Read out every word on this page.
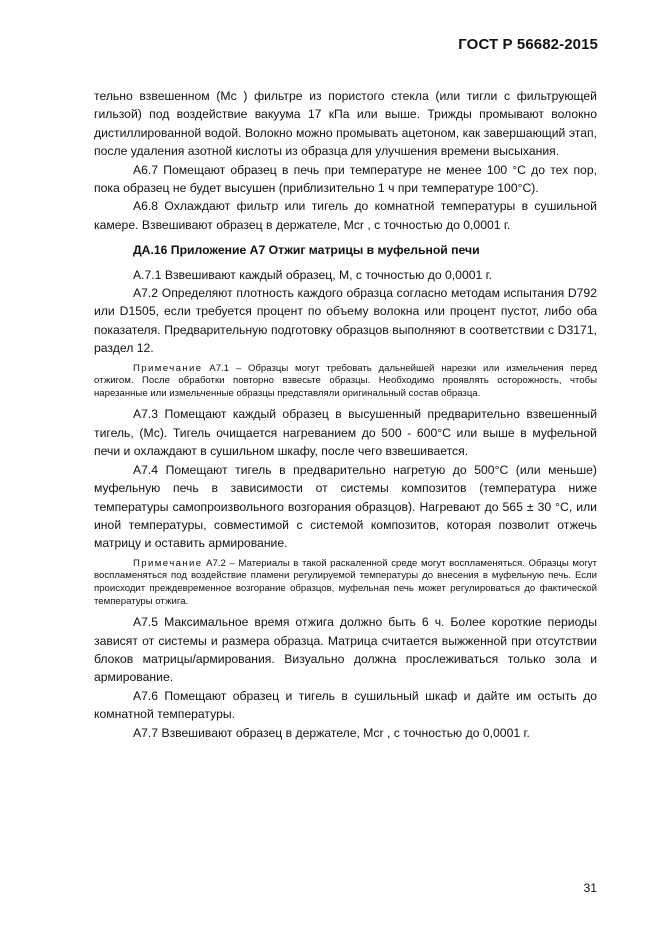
ГОСТ Р 56682-2015

тельно взвешенном (Мс ) фильтре из пористого стекла (или тигли с фильтрующей гильзой) под воздействие вакуума 17 кПа или выше. Трижды промывают волокно дистиллированной водой. Волокно можно промывать ацетоном, как завершающий этап, после удаления азотной кислоты из образца для улучшения времени высыхания.

А6.7 Помещают образец в печь при температуре не менее 100 °С до тех пор, пока образец не будет высушен (приблизительно 1 ч при температуре 100°С).

А6.8 Охлаждают фильтр или тигель до комнатной температуры в сушильной камере. Взвешивают образец в держателе, Мcr , с точностью до 0,0001 г.

ДА.16 Приложение А7 Отжиг матрицы в муфельной печи

А.7.1 Взвешивают каждый образец, М, с точностью до 0,0001 г.

А7.2 Определяют плотность каждого образца согласно методам испытания D792 или D1505, если требуется процент по объему волокна или процент пустот, либо оба показателя. Предварительную подготовку образцов выполняют в соответствии с D3171, раздел 12.

Примечание А7.1 – Образцы могут требовать дальнейшей нарезки или измельчения перед отжигом. После обработки повторно взвесьте образцы. Необходимо проявлять осторожность, чтобы нарезанные или измельченные образцы представляли оригинальный состав образца.

А7.3 Помещают каждый образец в высушенный предварительно взвешенный тигель, (Мс). Тигель очищается нагреванием до 500 - 600°С или выше в муфельной печи и охлаждают в сушильном шкафу, после чего взвешивается.

А7.4 Помещают тигель в предварительно нагретую до 500°С (или меньше) муфельную печь в зависимости от системы композитов (температура ниже температуры самопроизвольного возгорания образцов). Нагревают до 565 ± 30 °С, или иной температуры, совместимой с системой композитов, которая позволит отжечь матрицу и оставить армирование.

Примечание А7.2 – Материалы в такой раскаленной среде могут воспламеняться. Образцы могут воспламеняться под воздействие пламени регулируемой температуры до внесения в муфельную печь. Если происходит преждевременное возгорание образцов, муфельная печь может регулироваться до фактической температуры отжига.

А7.5 Максимальное время отжига должно быть 6 ч. Более короткие периоды зависят от системы и размера образца. Матрица считается выжженной при отсутствии блоков матрицы/армирования. Визуально должна прослеживаться только зола и армирование.

А7.6 Помещают образец и тигель в сушильный шкаф и дайте им остыть до комнатной температуры.

А7.7 Взвешивают образец в держателе, Мcr , с точностью до 0,0001 г.

31
